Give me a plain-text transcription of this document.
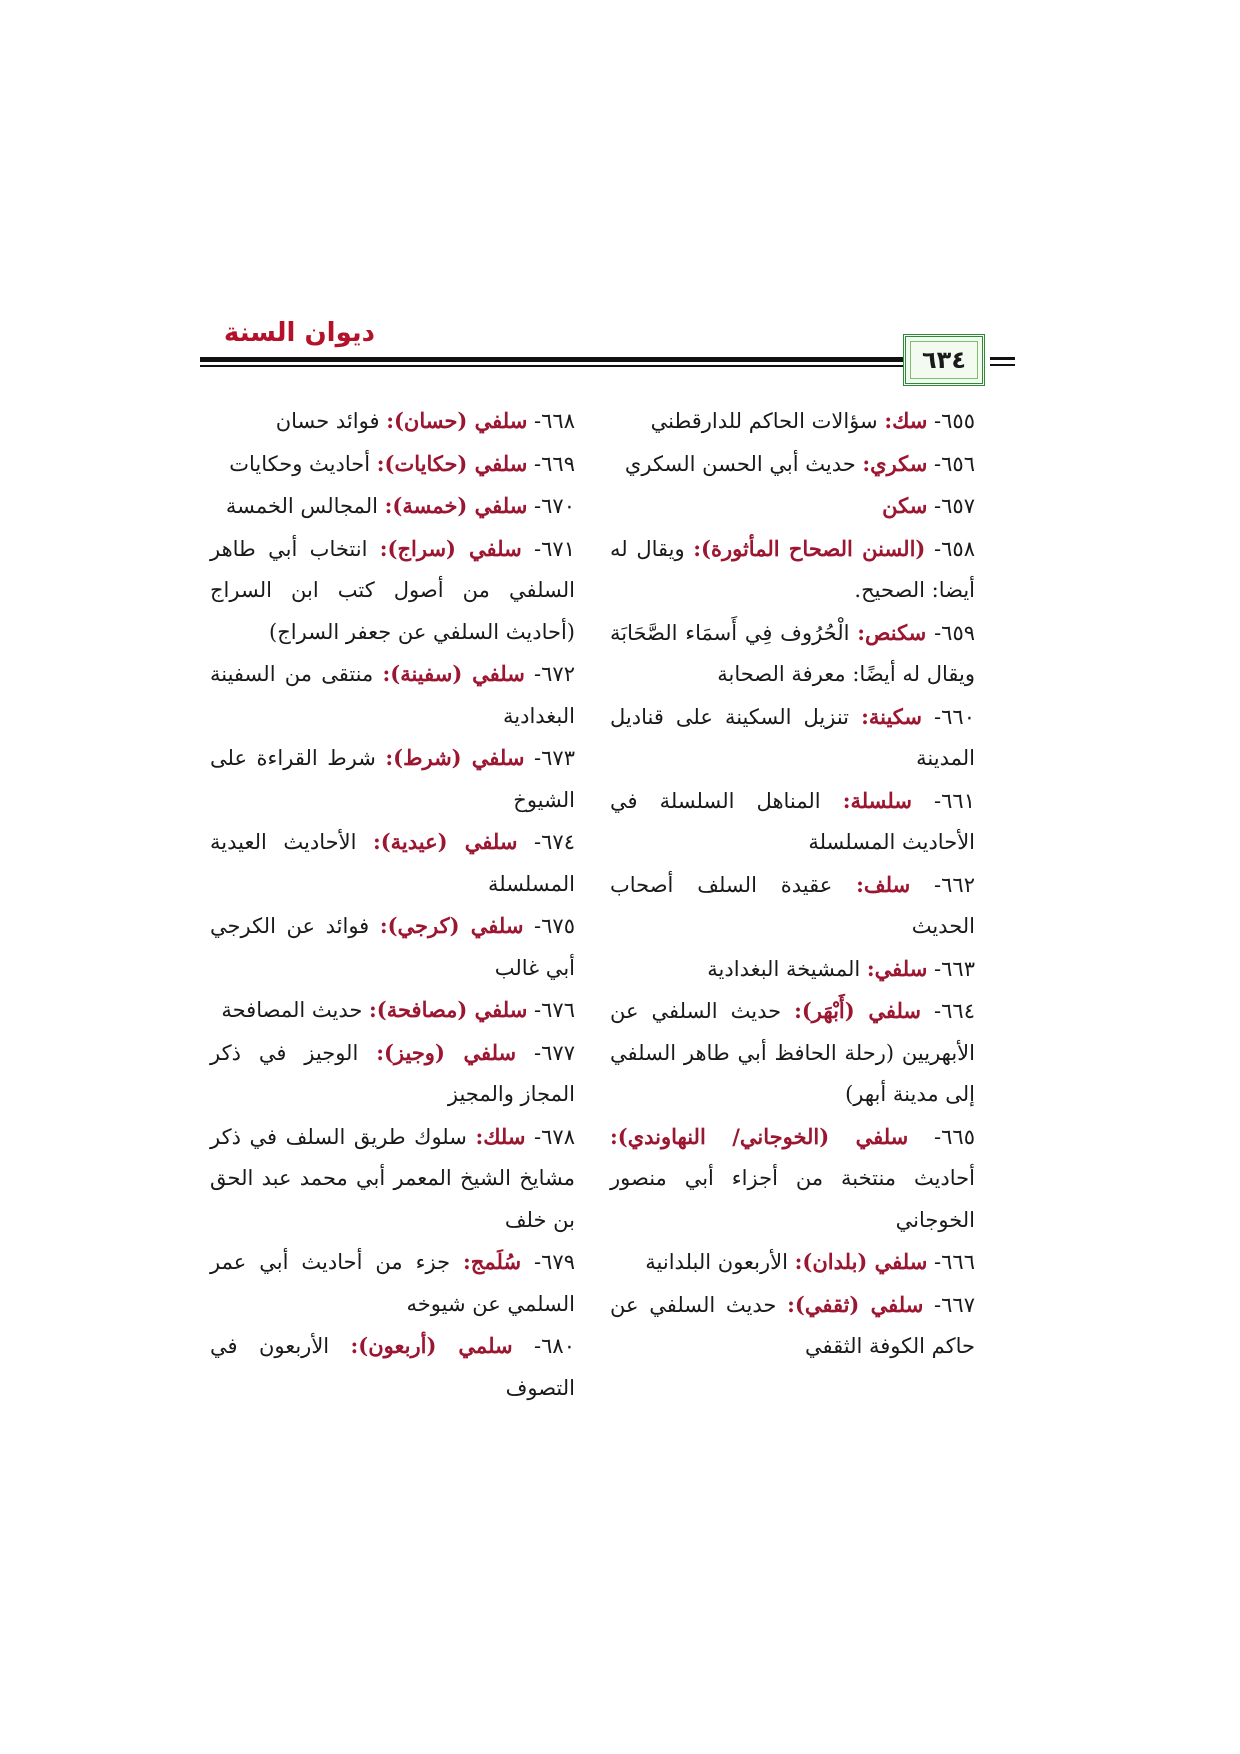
ديوان السنة
٦٣٤

٦٥٥- سك: سؤالات الحاكم للدارقطني

٦٥٦- سكري: حديث أبي الحسن السكري

٦٥٧- سكن

٦٥٨- (السنن الصحاح المأثورة): ويقال له أيضا: الصحيح.

٦٥٩- سكنص: الْحُرُوف فِي أَسمَاء الصَّحَابَة ويقال له أيضًا: معرفة الصحابة

٦٦٠- سكينة: تنزيل السكينة على قناديل المدينة

٦٦١- سلسلة: المناهل السلسلة في الأحاديث المسلسلة

٦٦٢- سلف: عقيدة السلف أصحاب الحديث

٦٦٣- سلفي: المشيخة البغدادية

٦٦٤- سلفي (أَبْهَر): حديث السلفي عن الأبهريين (رحلة الحافظ أبي طاهر السلفي إلى مدينة أبهر)

٦٦٥- سلفي (الخوجاني/ النهاوندي): أحاديث منتخبة من أجزاء أبي منصور الخوجاني

٦٦٦- سلفي (بلدان): الأربعون البلدانية

٦٦٧- سلفي (ثقفي): حديث السلفي عن حاكم الكوفة الثقفي

٦٦٨- سلفي (حسان): فوائد حسان

٦٦٩- سلفي (حكايات): أحاديث وحكايات

٦٧٠- سلفي (خمسة): المجالس الخمسة

٦٧١- سلفي (سراج): انتخاب أبي طاهر السلفي من أصول كتب ابن السراج (أحاديث السلفي عن جعفر السراج)

٦٧٢- سلفي (سفينة): منتقى من السفينة البغدادية

٦٧٣- سلفي (شرط): شرط القراءة على الشيوخ

٦٧٤- سلفي (عيدية): الأحاديث العيدية المسلسلة

٦٧٥- سلفي (كرجي): فوائد عن الكرجي أبي غالب

٦٧٦- سلفي (مصافحة): حديث المصافحة

٦٧٧- سلفي (وجيز): الوجيز في ذكر المجاز والمجيز

٦٧٨- سلك: سلوك طريق السلف في ذكر مشايخ الشيخ المعمر أبي محمد عبد الحق بن خلف

٦٧٩- سُلَمج: جزء من أحاديث أبي عمر السلمي عن شيوخه

٦٨٠- سلمي (أربعون): الأربعون في التصوف
